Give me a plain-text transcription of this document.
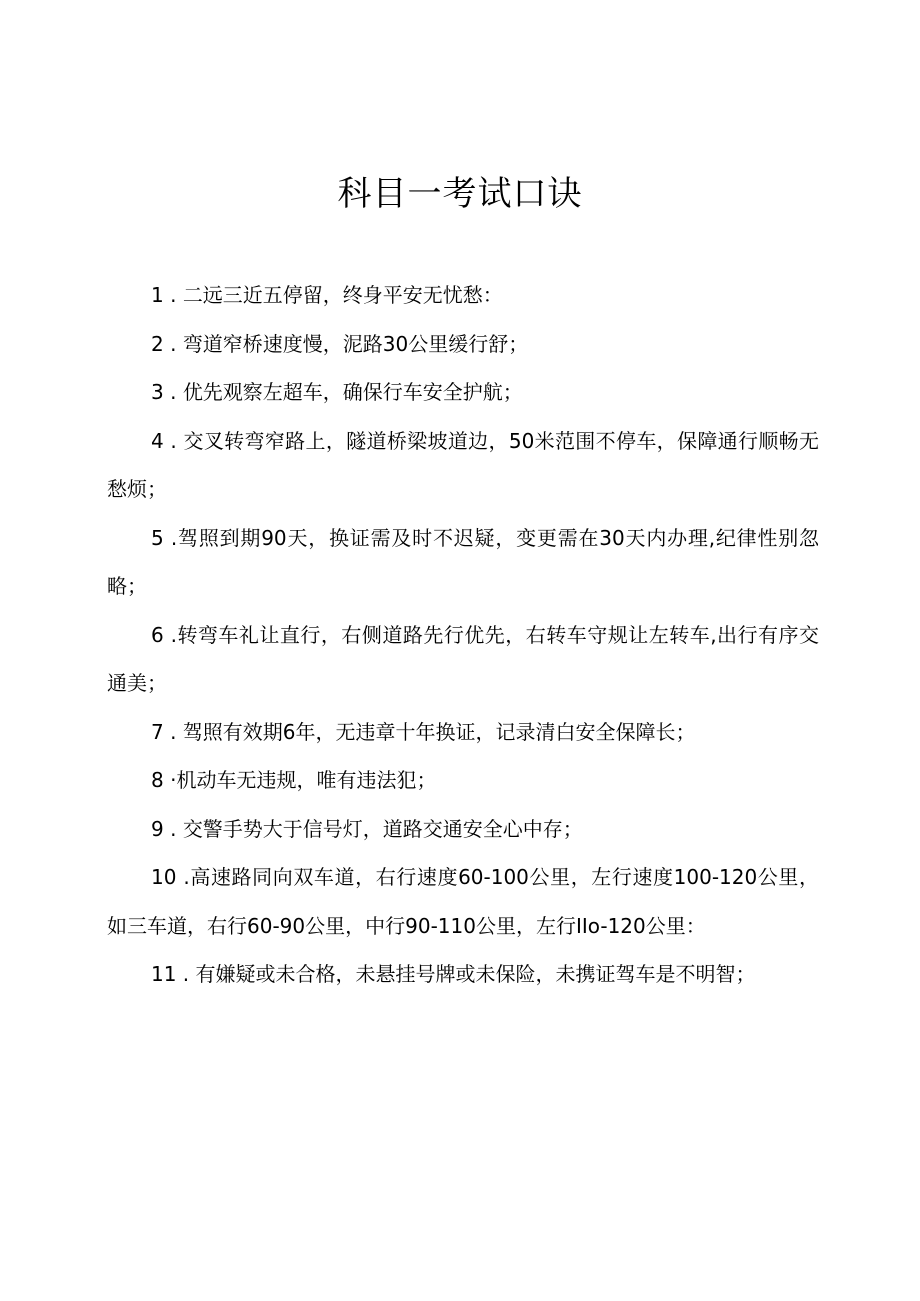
科目一考试口诀

1 . 二远三近五停留，终身平安无忧愁：

2 . 弯道窄桥速度慢，泥路30公里缓行舒；

3 . 优先观察左超车，确保行车安全护航；

4 . 交叉转弯窄路上，隧道桥梁坡道边，50米范围不停车，保障通行顺畅无愁烦；

5 .驾照到期90天，换证需及时不迟疑，变更需在30天内办理,纪律性别忽略；

6 .转弯车礼让直行，右侧道路先行优先，右转车守规让左转车,出行有序交通美；

7 . 驾照有效期6年，无违章十年换证，记录清白安全保障长；

8 ·机动车无违规，唯有违法犯；

9 . 交警手势大于信号灯，道路交通安全心中存；

10 .高速路同向双车道，右行速度60-100公里，左行速度100-120公里，如三车道，右行60-90公里，中行90-110公里，左行IIo-120公里：

11 . 有嫌疑或未合格，未悬挂号牌或未保险，未携证驾车是不明智；
